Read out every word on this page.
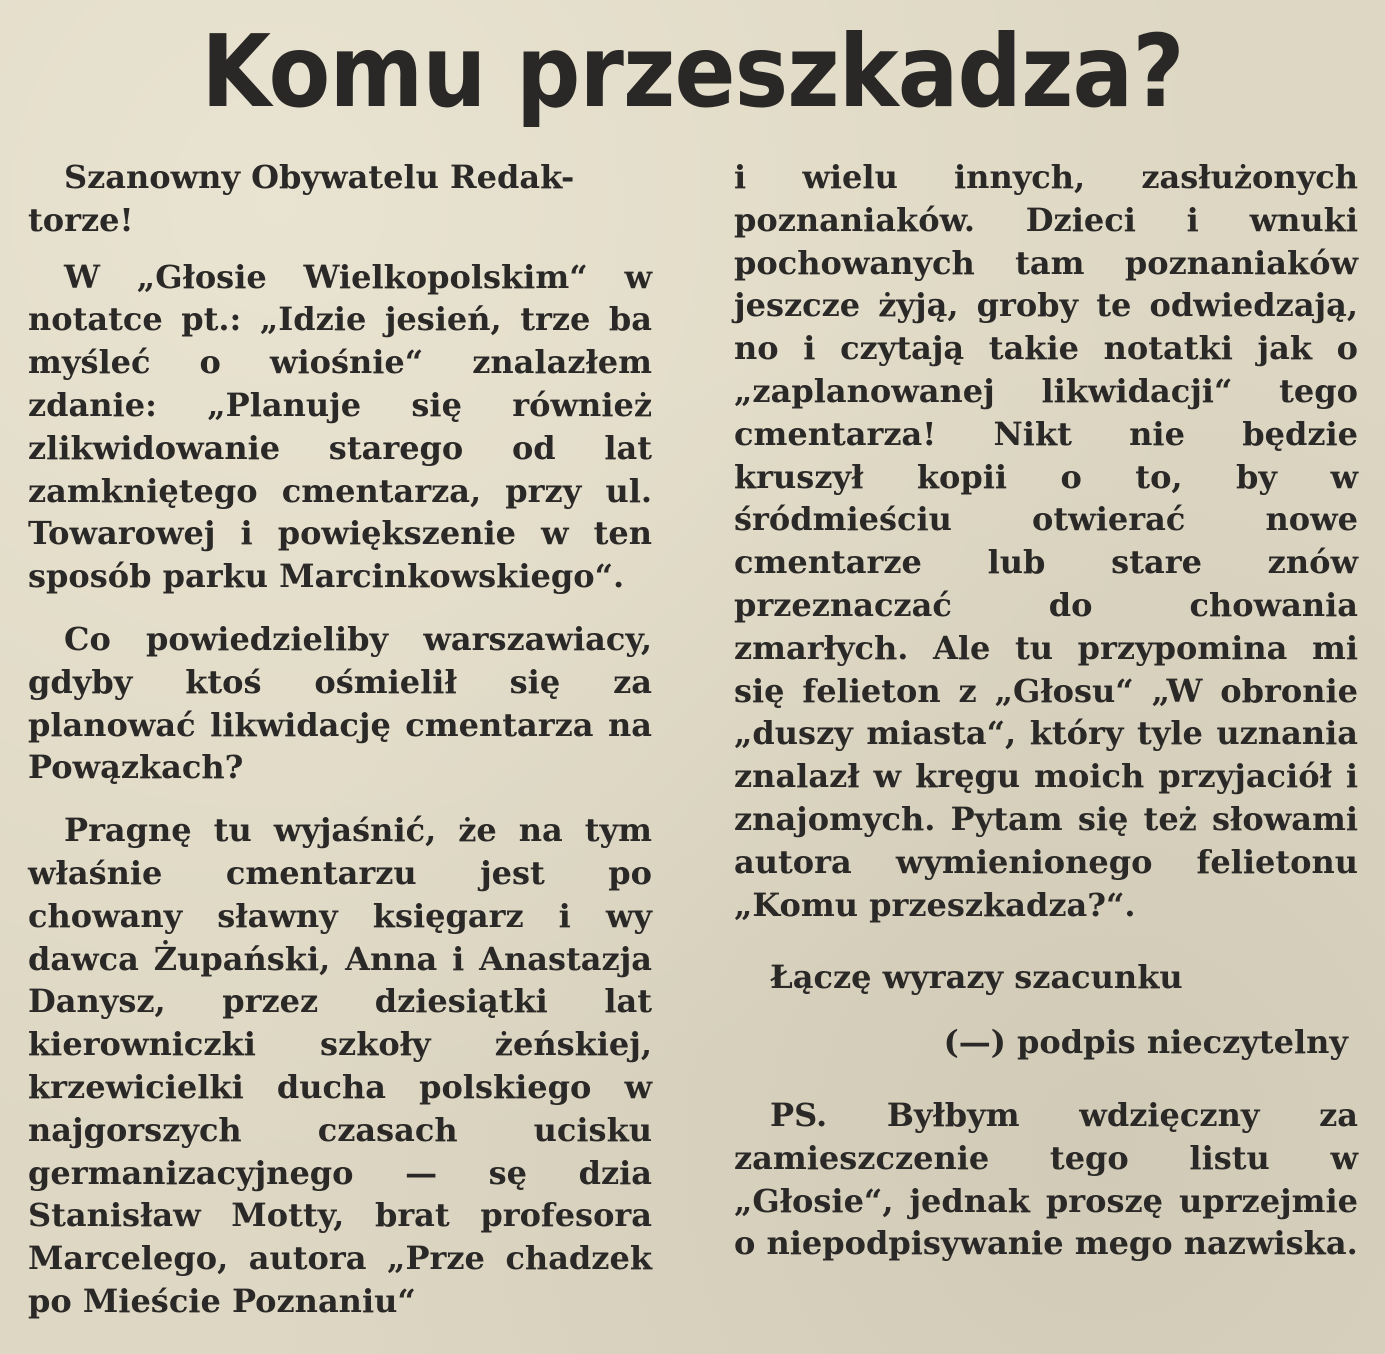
Komu przeszkadza?

Szanowny Obywatelu Redak-
torze!

W „Głosie Wielkopolskim“ w notatce pt.: „Idzie jesień, trze ba myśleć o wiośnie“ znalazłem zdanie: „Planuje się również zlikwidowanie starego od lat zamkniętego cmentarza, przy ul. Towarowej i powiększenie w ten sposób parku Marcinkowskiego“.

Co powiedzieliby warszawiacy, gdyby ktoś ośmielił się za planować likwidację cmentarza na Powązkach?

Pragnę tu wyjaśnić, że na tym właśnie cmentarzu jest po chowany sławny księgarz i wy dawca Żupański, Anna i Anastazja Danysz, przez dziesiątki lat kierowniczki szkoły żeńskiej, krzewicielki ducha polskiego w najgorszych czasach ucisku germanizacyjnego — sę dzia Stanisław Motty, brat profesora Marcelego, autora „Prze chadzek po Mieście Poznaniu“

i wielu innych, zasłużonych poznaniaków. Dzieci i wnuki pochowanych tam poznaniaków jeszcze żyją, groby te odwiedzają, no i czytają takie notatki jak o „zaplanowanej likwidacji“ tego cmentarza! Nikt nie będzie kruszył kopii o to, by w śródmieściu otwierać nowe cmentarze lub stare znów przeznaczać do chowania zmarłych. Ale tu przypomina mi się felieton z „Głosu“ „W obronie „duszy miasta“, który tyle uznania znalazł w kręgu moich przyjaciół i znajomych. Pytam się też słowami autora wymienionego felietonu „Komu przeszkadza?“.

Łączę wyrazy szacunku

(—) podpis nieczytelny

PS. Byłbym wdzięczny za zamieszczenie tego listu w „Głosie“, jednak proszę uprzejmie o niepodpisywanie mego nazwiska.
